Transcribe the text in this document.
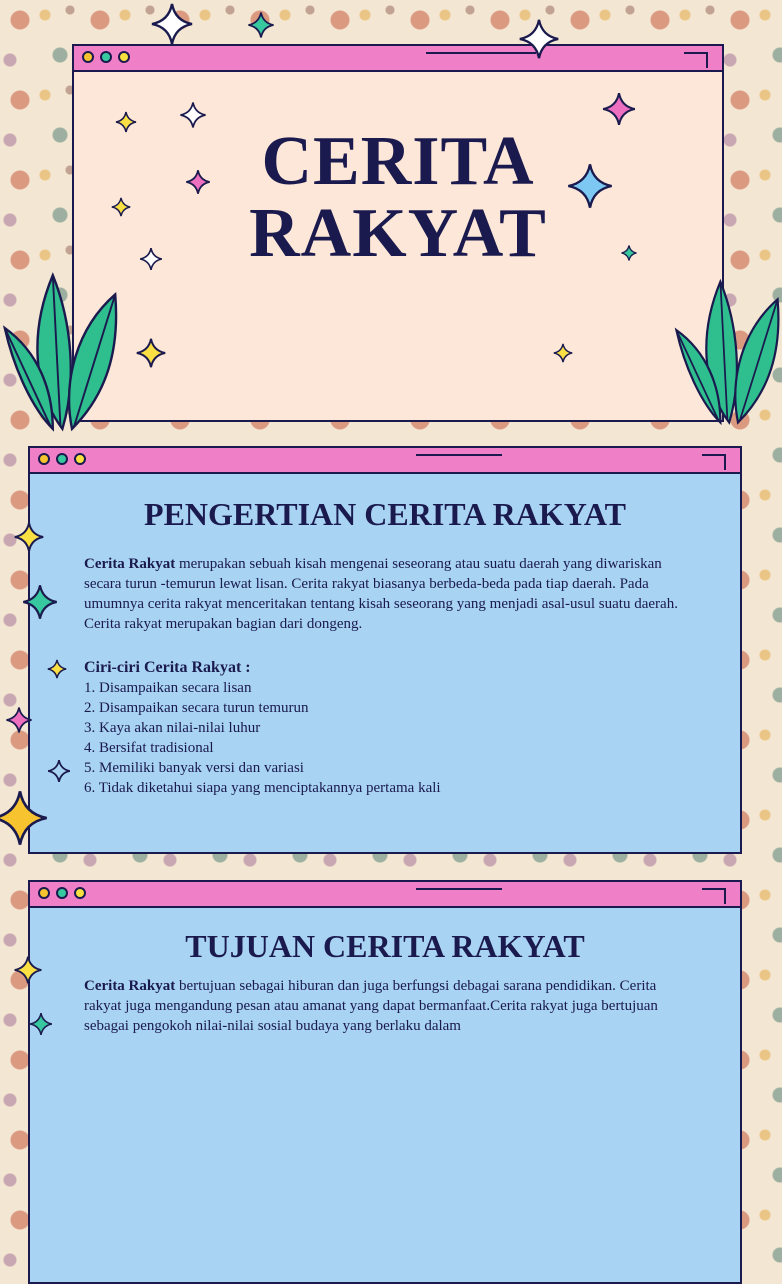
CERITA
RAKYAT
PENGERTIAN CERITA RAKYAT
Cerita Rakyat merupakan sebuah kisah mengenai seseorang atau suatu daerah yang diwariskan secara turun -temurun lewat lisan. Cerita rakyat biasanya berbeda-beda pada tiap daerah. Pada umumnya cerita rakyat menceritakan tentang kisah seseorang yang menjadi asal-usul suatu daerah. Cerita rakyat merupakan bagian dari dongeng.
Ciri-ciri Cerita Rakyat :
1. Disampaikan secara lisan
2. Disampaikan secara turun temurun
3. Kaya akan nilai-nilai luhur
4. Bersifat tradisional
5. Memiliki banyak versi dan variasi
6. Tidak diketahui siapa yang menciptakannya pertama kali
TUJUAN CERITA RAKYAT
Cerita Rakyat bertujuan sebagai hiburan dan juga berfungsi debagai sarana pendidikan. Cerita rakyat juga mengandung pesan atau amanat yang dapat bermanfaat.Cerita rakyat juga bertujuan sebagai pengokoh nilai-nilai sosial budaya yang berlaku dalam
